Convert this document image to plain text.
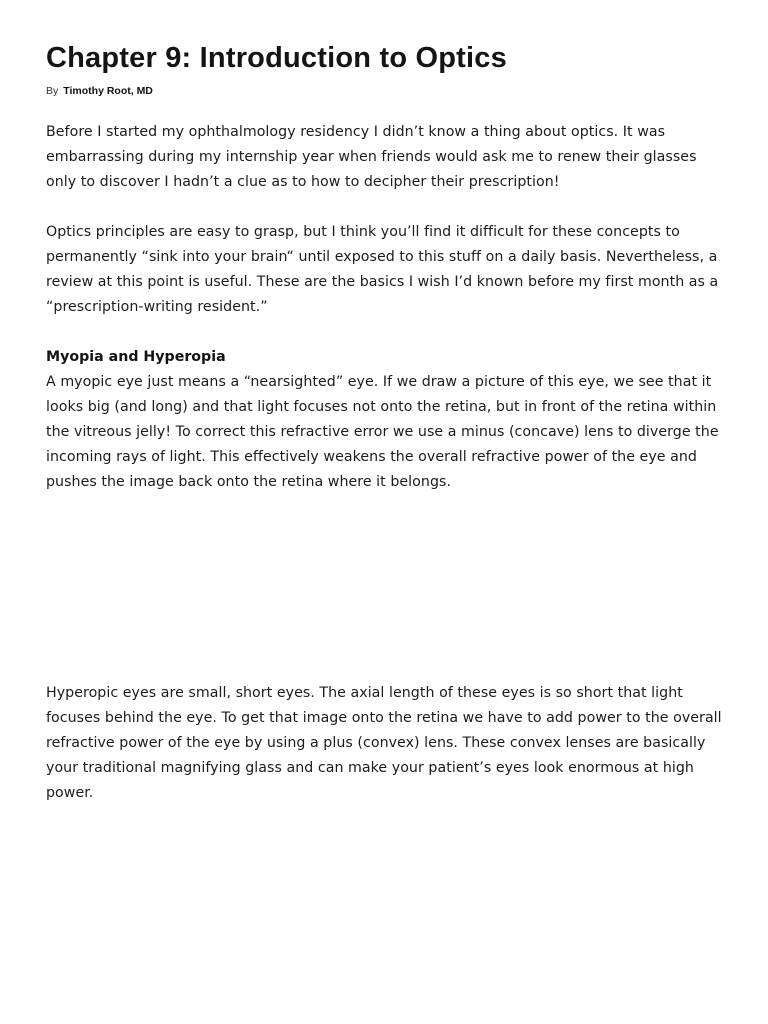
Chapter 9: Introduction to Optics
By Timothy Root, MD

Before I started my ophthalmology residency I didn’t know a thing about optics. It was embarrassing during my internship year when friends would ask me to renew their glasses only to discover I hadn’t a clue as to how to decipher their prescription!

Optics principles are easy to grasp, but I think you’ll find it difficult for these concepts to permanently “sink into your brain“ until exposed to this stuff on a daily basis. Nevertheless, a review at this point is useful. These are the basics I wish I’d known before my first month as a “prescription-writing resident.”

Myopia and Hyperopia

A myopic eye just means a “nearsighted” eye. If we draw a picture of this eye, we see that it looks big (and long) and that light focuses not onto the retina, but in front of the retina within the vitreous jelly! To correct this refractive error we use a minus (concave) lens to diverge the incoming rays of light. This effectively weakens the overall refractive power of the eye and pushes the image back onto the retina where it belongs.

Hyperopic eyes are small, short eyes. The axial length of these eyes is so short that light focuses behind the eye. To get that image onto the retina we have to add power to the overall refractive power of the eye by using a plus (convex) lens. These convex lenses are basically your traditional magnifying glass and can make your patient’s eyes look enormous at high power.
